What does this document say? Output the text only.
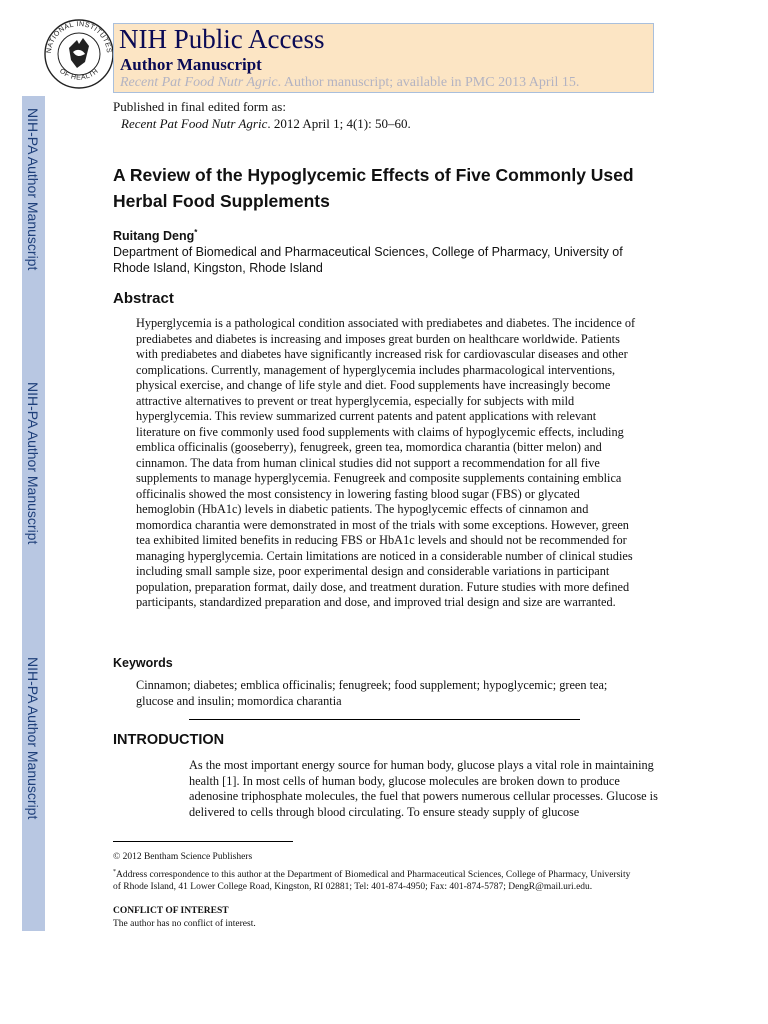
NIH-PA Author Manuscript
NIH-PA Author Manuscript
NIH-PA Author Manuscript
NATIONAL INSTITUTES
OF HEALTH
NIH Public Access
Author Manuscript
Recent Pat Food Nutr Agric. Author manuscript; available in PMC 2013 April 15.
Published in final edited form as:
Recent Pat Food Nutr Agric. 2012 April 1; 4(1): 50–60.
A Review of the Hypoglycemic Effects of Five Commonly Used Herbal Food Supplements
Ruitang Deng*
Department of Biomedical and Pharmaceutical Sciences, College of Pharmacy, University of Rhode Island, Kingston, Rhode Island
Abstract
Hyperglycemia is a pathological condition associated with prediabetes and diabetes. The incidence of prediabetes and diabetes is increasing and imposes great burden on healthcare worldwide. Patients with prediabetes and diabetes have significantly increased risk for cardiovascular diseases and other complications. Currently, management of hyperglycemia includes pharmacological interventions, physical exercise, and change of life style and diet. Food supplements have increasingly become attractive alternatives to prevent or treat hyperglycemia, especially for subjects with mild hyperglycemia. This review summarized current patents and patent applications with relevant literature on five commonly used food supplements with claims of hypoglycemic effects, including emblica officinalis (gooseberry), fenugreek, green tea, momordica charantia (bitter melon) and cinnamon. The data from human clinical studies did not support a recommendation for all five supplements to manage hyperglycemia. Fenugreek and composite supplements containing emblica officinalis showed the most consistency in lowering fasting blood sugar (FBS) or glycated hemoglobin (HbA1c) levels in diabetic patients. The hypoglycemic effects of cinnamon and momordica charantia were demonstrated in most of the trials with some exceptions. However, green tea exhibited limited benefits in reducing FBS or HbA1c levels and should not be recommended for managing hyperglycemia. Certain limitations are noticed in a considerable number of clinical studies including small sample size, poor experimental design and considerable variations in participant population, preparation format, daily dose, and treatment duration. Future studies with more defined participants, standardized preparation and dose, and improved trial design and size are warranted.
Keywords
Cinnamon; diabetes; emblica officinalis; fenugreek; food supplement; hypoglycemic; green tea; glucose and insulin; momordica charantia
INTRODUCTION
As the most important energy source for human body, glucose plays a vital role in maintaining health [1]. In most cells of human body, glucose molecules are broken down to produce adenosine triphosphate molecules, the fuel that powers numerous cellular processes. Glucose is delivered to cells through blood circulating. To ensure steady supply of glucose
© 2012 Bentham Science Publishers
*Address correspondence to this author at the Department of Biomedical and Pharmaceutical Sciences, College of Pharmacy, University of Rhode Island, 41 Lower College Road, Kingston, RI 02881; Tel: 401-874-4950; Fax: 401-874-5787; DengR@mail.uri.edu.
CONFLICT OF INTEREST
The author has no conflict of interest.
